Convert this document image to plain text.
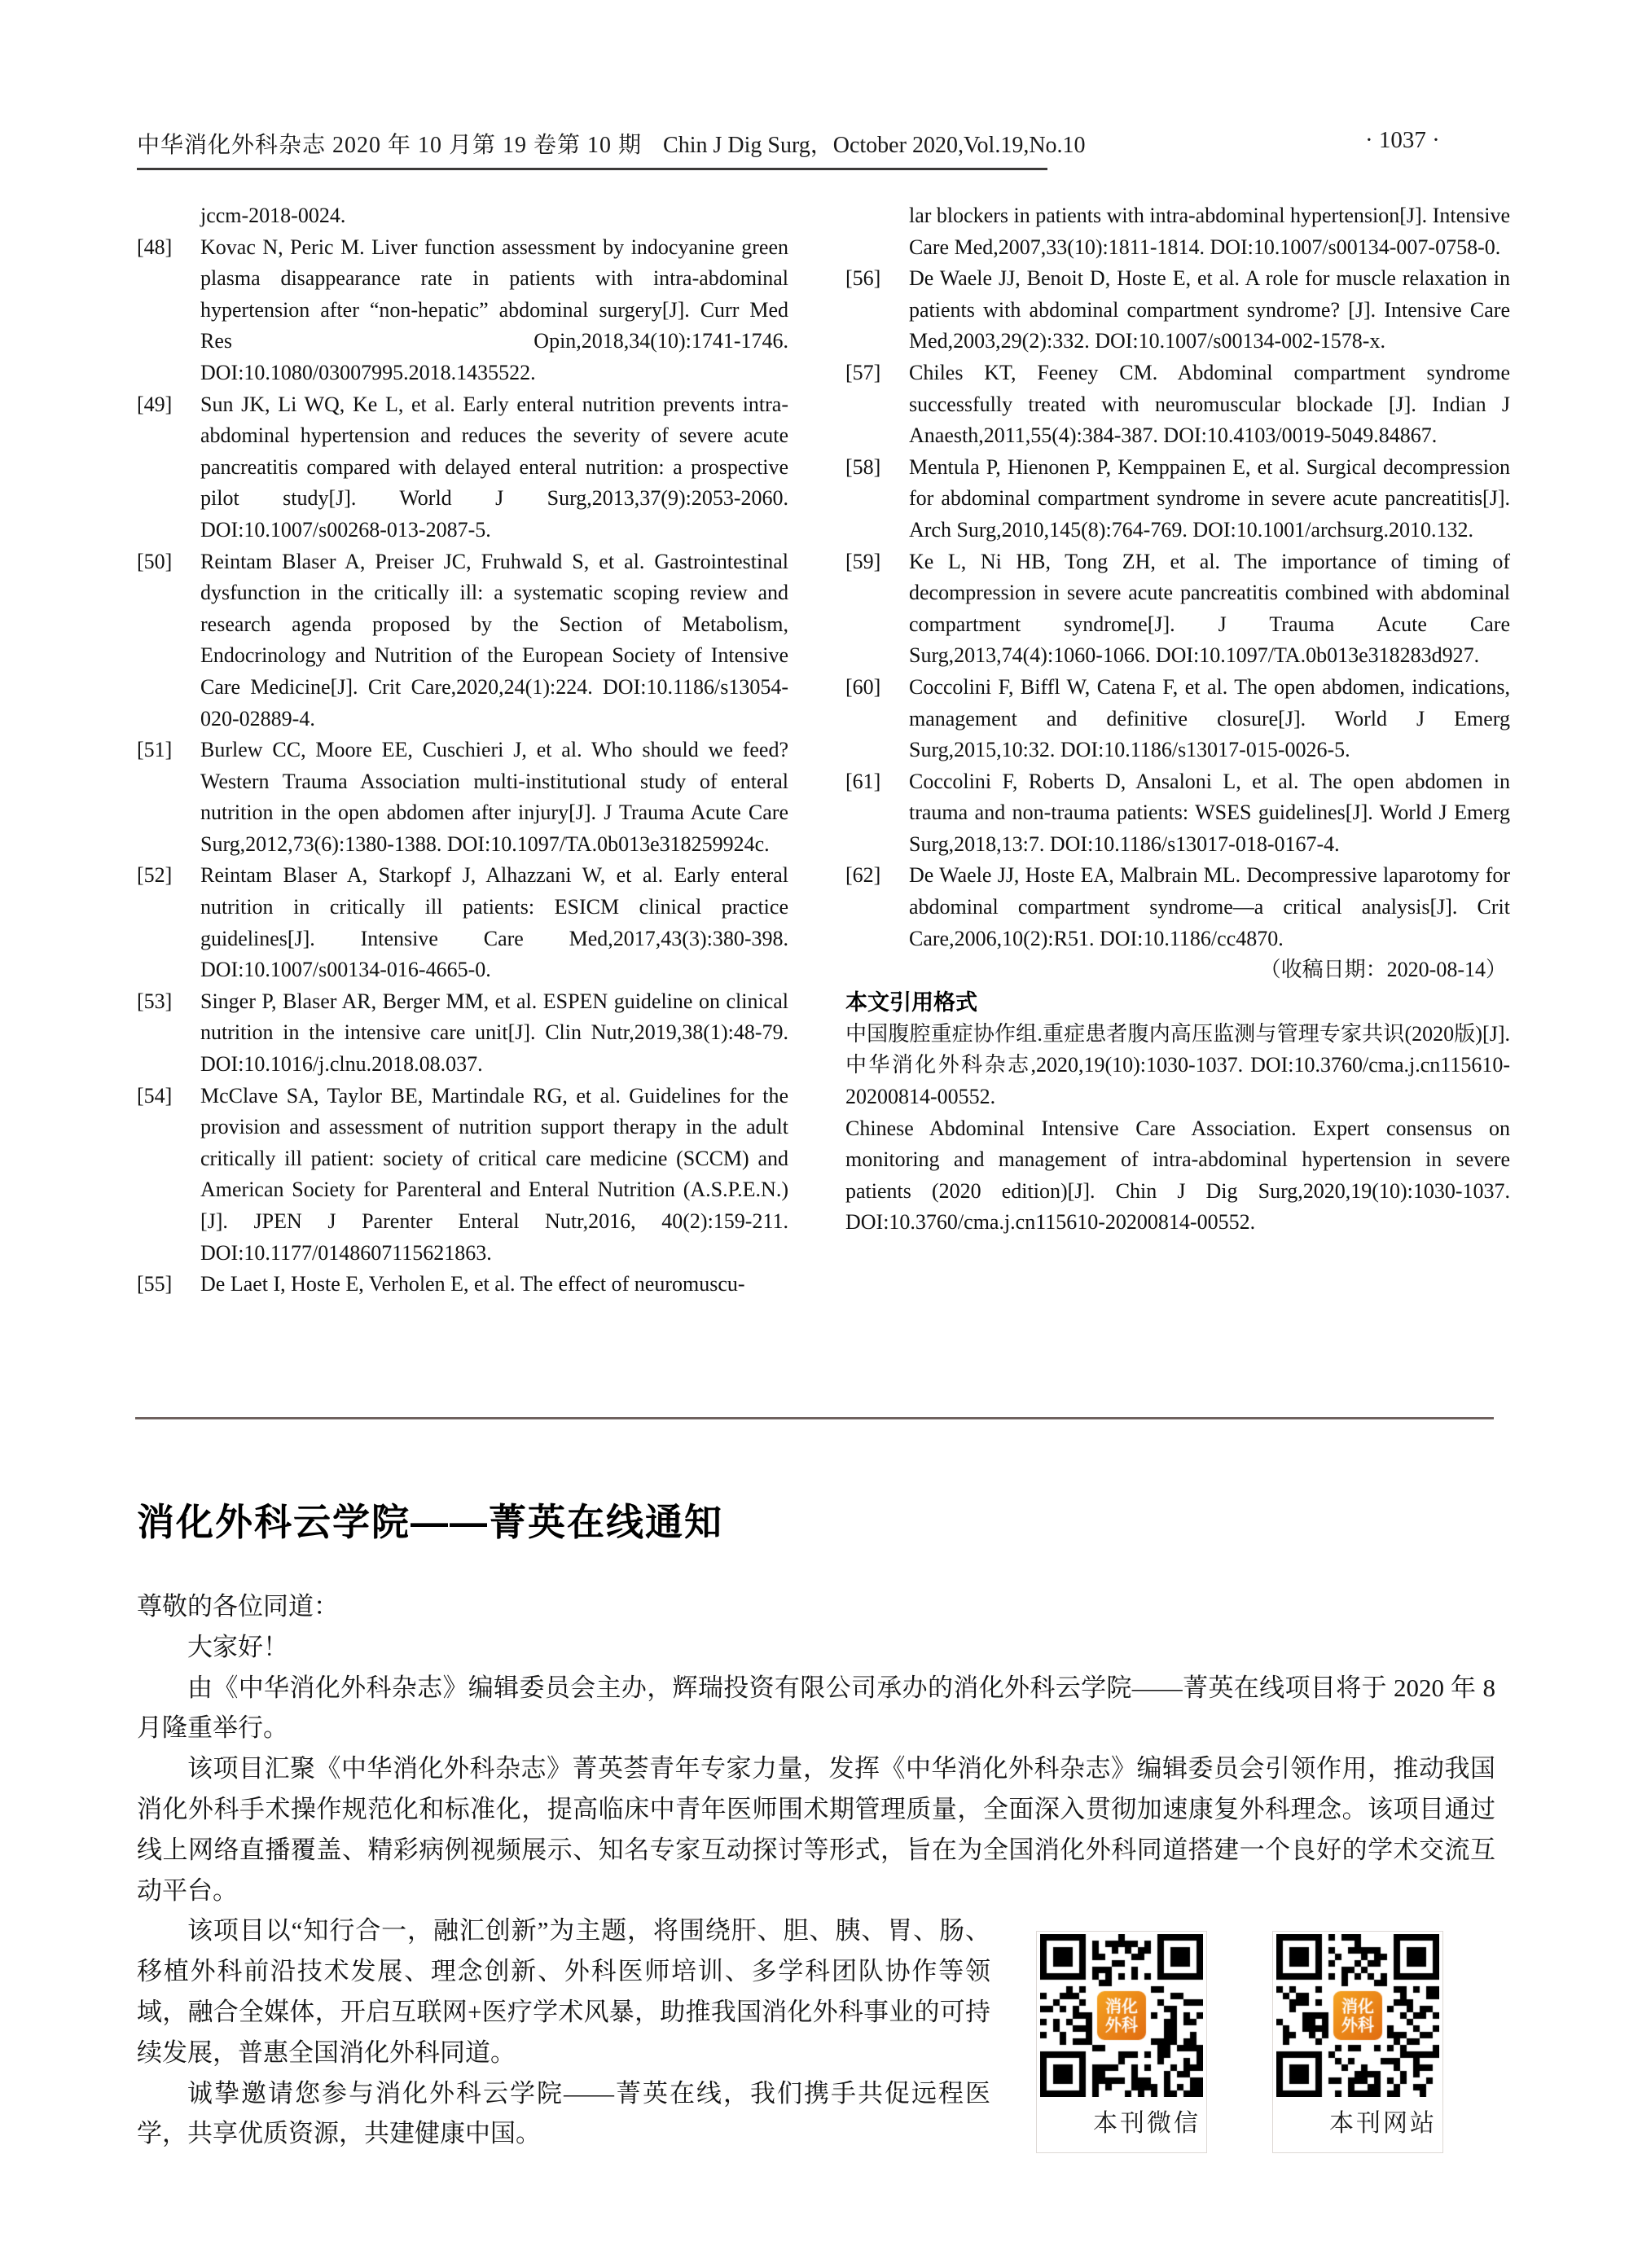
中华消化外科杂志 2020 年 10 月第 19 卷第 10 期 Chin J Dig Surg，October 2020,Vol.19,No.10	· 1037 ·
jccm-2018-0024.
[48] Kovac N, Peric M. Liver function assessment by indocyanine green plasma disappearance rate in patients with intra-abdominal hypertension after “non-hepatic” abdominal surgery[J]. Curr Med Res Opin,2018,34(10):1741-1746. DOI:10.1080/03007995.2018.1435522.
[49] Sun JK, Li WQ, Ke L, et al. Early enteral nutrition prevents intra-abdominal hypertension and reduces the severity of severe acute pancreatitis compared with delayed enteral nutrition: a prospective pilot study[J]. World J Surg,2013,37(9):2053-2060. DOI:10.1007/s00268-013-2087-5.
[50] Reintam Blaser A, Preiser JC, Fruhwald S, et al. Gastrointestinal dysfunction in the critically ill: a systematic scoping review and research agenda proposed by the Section of Metabolism, Endocrinology and Nutrition of the European Society of Intensive Care Medicine[J]. Crit Care,2020,24(1):224. DOI:10.1186/s13054-020-02889-4.
[51] Burlew CC, Moore EE, Cuschieri J, et al. Who should we feed? Western Trauma Association multi-institutional study of enteral nutrition in the open abdomen after injury[J]. J Trauma Acute Care Surg,2012,73(6):1380-1388. DOI:10.1097/TA.0b013e318259924c.
[52] Reintam Blaser A, Starkopf J, Alhazzani W, et al. Early enteral nutrition in critically ill patients: ESICM clinical practice guidelines[J]. Intensive Care Med,2017,43(3):380-398. DOI:10.1007/s00134-016-4665-0.
[53] Singer P, Blaser AR, Berger MM, et al. ESPEN guideline on clinical nutrition in the intensive care unit[J]. Clin Nutr,2019,38(1):48-79. DOI:10.1016/j.clnu.2018.08.037.
[54] McClave SA, Taylor BE, Martindale RG, et al. Guidelines for the provision and assessment of nutrition support therapy in the adult critically ill patient: society of critical care medicine (SCCM) and American Society for Parenteral and Enteral Nutrition (A.S.P.E.N.)[J]. JPEN J Parenter Enteral Nutr,2016, 40(2):159-211. DOI:10.1177/0148607115621863.
[55] De Laet I, Hoste E, Verholen E, et al. The effect of neuromuscu-
lar blockers in patients with intra-abdominal hypertension[J]. Intensive Care Med,2007,33(10):1811-1814. DOI:10.1007/s00134-007-0758-0.
[56] De Waele JJ, Benoit D, Hoste E, et al. A role for muscle relaxation in patients with abdominal compartment syndrome? [J]. Intensive Care Med,2003,29(2):332. DOI:10.1007/s00134-002-1578-x.
[57] Chiles KT, Feeney CM. Abdominal compartment syndrome successfully treated with neuromuscular blockade [J]. Indian J Anaesth,2011,55(4):384-387. DOI:10.4103/0019-5049.84867.
[58] Mentula P, Hienonen P, Kemppainen E, et al. Surgical decompression for abdominal compartment syndrome in severe acute pancreatitis[J]. Arch Surg,2010,145(8):764-769. DOI:10.1001/archsurg.2010.132.
[59] Ke L, Ni HB, Tong ZH, et al. The importance of timing of decompression in severe acute pancreatitis combined with abdominal compartment syndrome[J]. J Trauma Acute Care Surg,2013,74(4):1060-1066. DOI:10.1097/TA.0b013e318283d927.
[60] Coccolini F, Biffl W, Catena F, et al. The open abdomen, indications, management and definitive closure[J]. World J Emerg Surg,2015,10:32. DOI:10.1186/s13017-015-0026-5.
[61] Coccolini F, Roberts D, Ansaloni L, et al. The open abdomen in trauma and non-trauma patients: WSES guidelines[J]. World J Emerg Surg,2018,13:7. DOI:10.1186/s13017-018-0167-4.
[62] De Waele JJ, Hoste EA, Malbrain ML. Decompressive laparotomy for abdominal compartment syndrome—a critical analysis[J]. Crit Care,2006,10(2):R51. DOI:10.1186/cc4870.
（收稿日期：2020-08-14）
本文引用格式
中国腹腔重症协作组.重症患者腹内高压监测与管理专家共识(2020版)[J].中华消化外科杂志,2020,19(10):1030-1037. DOI:10.3760/cma.j.cn115610-20200814-00552.
Chinese Abdominal Intensive Care Association. Expert consensus on monitoring and management of intra-abdominal hypertension in severe patients (2020 edition)[J]. Chin J Dig Surg,2020,19(10):1030-1037. DOI:10.3760/cma.j.cn115610-20200814-00552.
消化外科云学院——菁英在线通知

尊敬的各位同道：

大家好！

由《中华消化外科杂志》编辑委员会主办，辉瑞投资有限公司承办的消化外科云学院——菁英在线项目将于 2020 年 8 月隆重举行。

该项目汇聚《中华消化外科杂志》菁英荟青年专家力量，发挥《中华消化外科杂志》编辑委员会引领作用，推动我国消化外科手术操作规范化和标准化，提高临床中青年医师围术期管理质量，全面深入贯彻加速康复外科理念。该项目通过线上网络直播覆盖、精彩病例视频展示、知名专家互动探讨等形式，旨在为全国消化外科同道搭建一个良好的学术交流互动平台。

本刊微信	本刊网站
该项目以“知行合一，融汇创新”为主题，将围绕肝、胆、胰、胃、肠、移植外科前沿技术发展、理念创新、外科医师培训、多学科团队协作等领域，融合全媒体，开启互联网+医疗学术风暴，助推我国消化外科事业的可持续发展，普惠全国消化外科同道。

诚挚邀请您参与消化外科云学院——菁英在线，我们携手共促远程医学，共享优质资源，共建健康中国。
